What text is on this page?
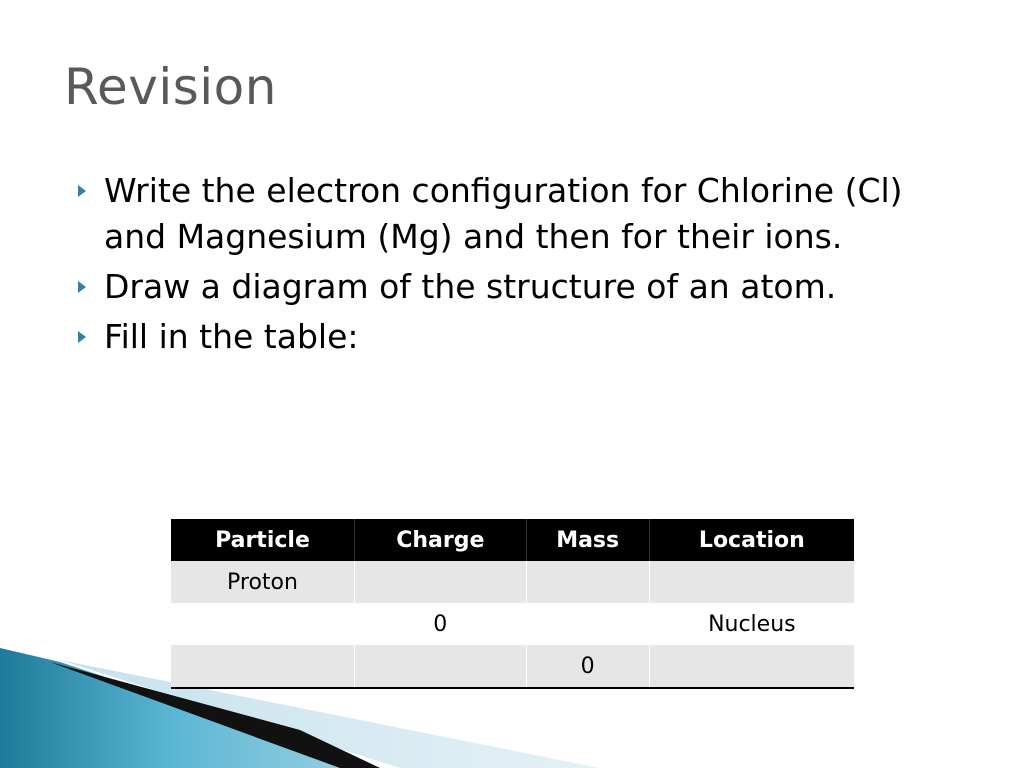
Revision
Write the electron configuration for Chlorine (Cl) and Magnesium (Mg) and then for their ions.
Draw a diagram of the structure of an atom.
Fill in the table:
Particle	Charge	Mass	Location
Proton			
	0		Nucleus
		0	
